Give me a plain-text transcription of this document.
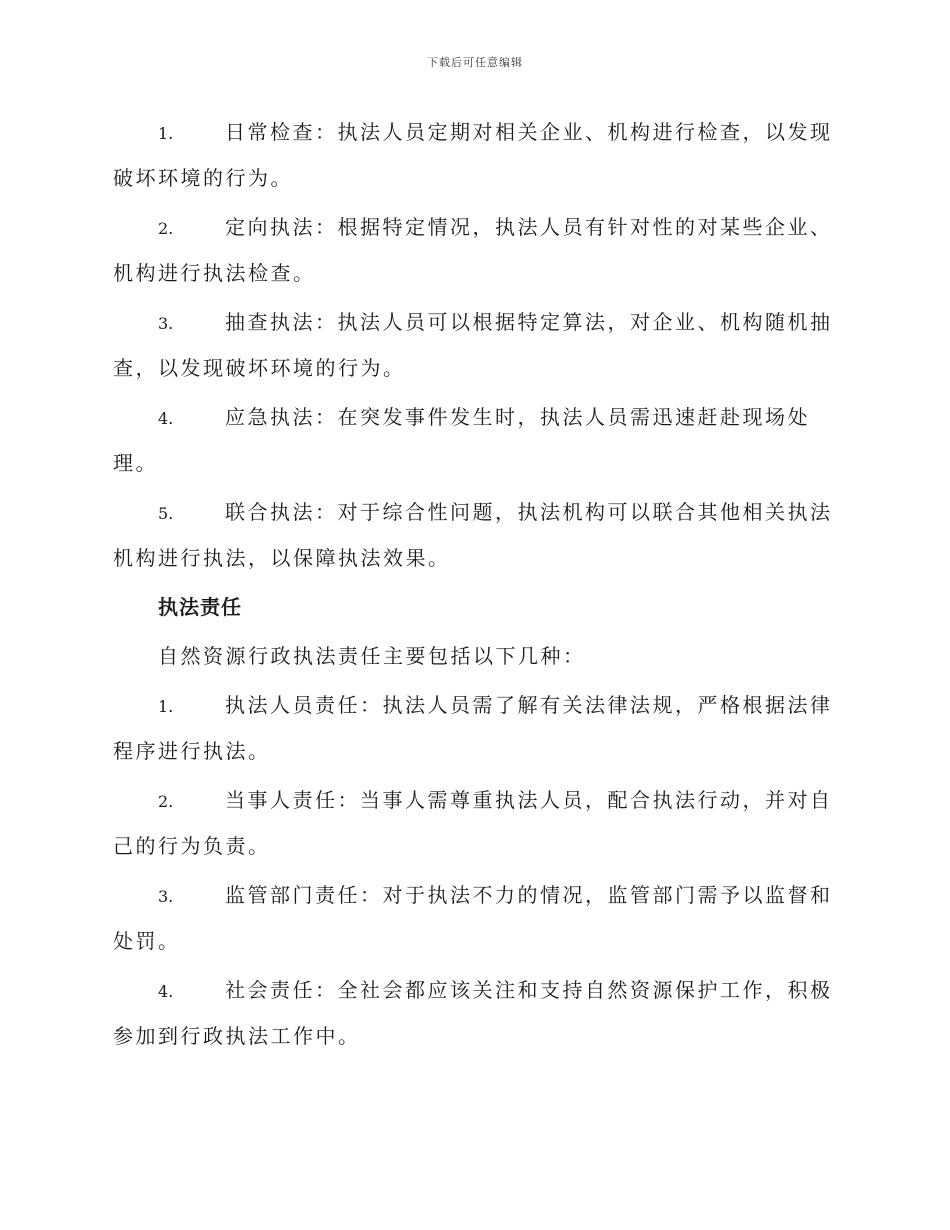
下载后可任意编辑
1.	日常检查：执法人员定期对相关企业、机构进行检查，以发现破坏环境的行为。
2.	定向执法：根据特定情况，执法人员有针对性的对某些企业、机构进行执法检查。
3.	抽查执法：执法人员可以根据特定算法，对企业、机构随机抽查，以发现破坏环境的行为。
4.	应急执法：在突发事件发生时，执法人员需迅速赶赴现场处理。
5.	联合执法：对于综合性问题，执法机构可以联合其他相关执法机构进行执法，以保障执法效果。
执法责任
自然资源行政执法责任主要包括以下几种：
1.	执法人员责任：执法人员需了解有关法律法规，严格根据法律程序进行执法。
2.	当事人责任：当事人需尊重执法人员，配合执法行动，并对自己的行为负责。
3.	监管部门责任：对于执法不力的情况，监管部门需予以监督和处罚。
4.	社会责任：全社会都应该关注和支持自然资源保护工作，积极参加到行政执法工作中。
